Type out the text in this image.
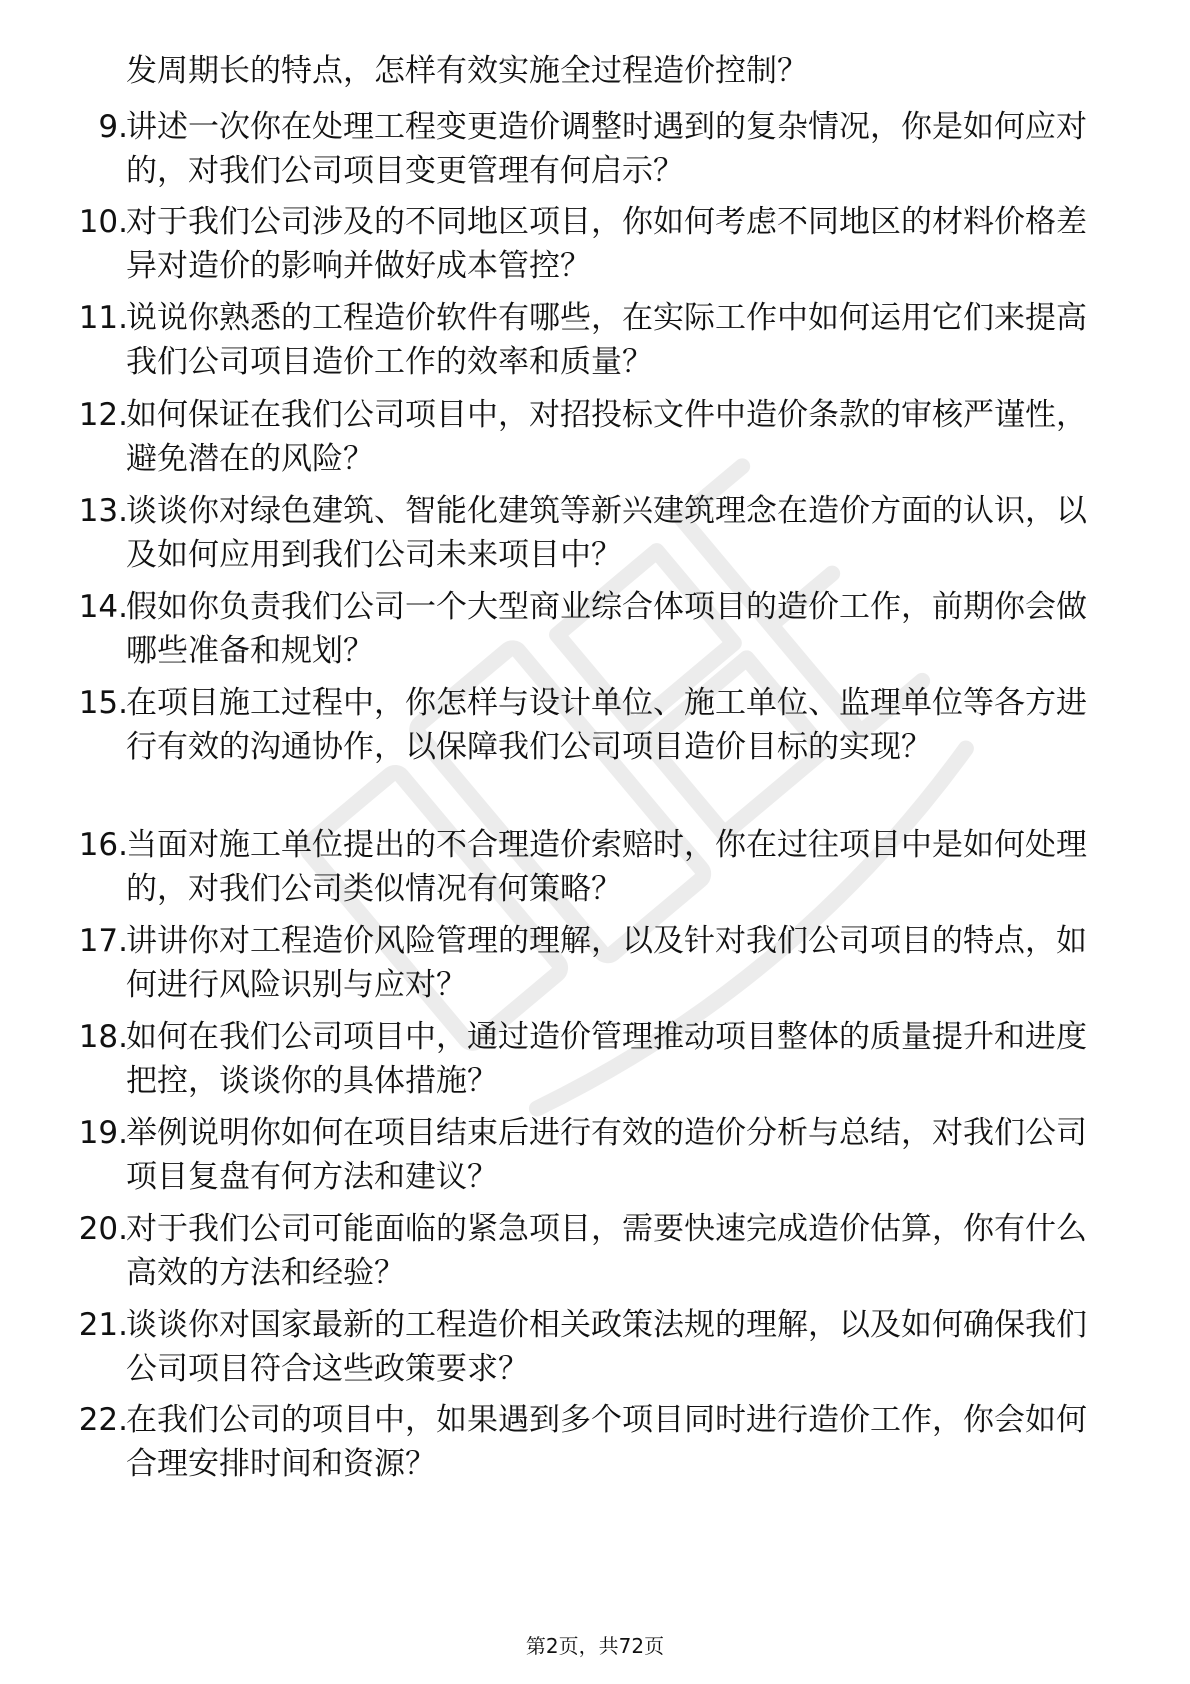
发周期长的特点，怎样有效实施全过程造价控制？
9.
讲述一次你在处理工程变更造价调整时遇到的复杂情况，你是如何应对的，对我们公司项目变更管理有何启示？
10.
对于我们公司涉及的不同地区项目，你如何考虑不同地区的材料价格差异对造价的影响并做好成本管控？
11.
说说你熟悉的工程造价软件有哪些，在实际工作中如何运用它们来提高我们公司项目造价工作的效率和质量？
12.
如何保证在我们公司项目中，对招投标文件中造价条款的审核严谨性，避免潜在的风险？
13.
谈谈你对绿色建筑、智能化建筑等新兴建筑理念在造价方面的认识，以及如何应用到我们公司未来项目中？
14.
假如你负责我们公司一个大型商业综合体项目的造价工作，前期你会做哪些准备和规划？
15.
在项目施工过程中，你怎样与设计单位、施工单位、监理单位等各方进行有效的沟通协作，以保障我们公司项目造价目标的实现？
16.
当面对施工单位提出的不合理造价索赔时，你在过往项目中是如何处理的，对我们公司类似情况有何策略？
17.
讲讲你对工程造价风险管理的理解，以及针对我们公司项目的特点，如何进行风险识别与应对？
18.
如何在我们公司项目中，通过造价管理推动项目整体的质量提升和进度把控，谈谈你的具体措施？
19.
举例说明你如何在项目结束后进行有效的造价分析与总结，对我们公司项目复盘有何方法和建议？
20.
对于我们公司可能面临的紧急项目，需要快速完成造价估算，你有什么高效的方法和经验？
21.
谈谈你对国家最新的工程造价相关政策法规的理解，以及如何确保我们公司项目符合这些政策要求？
22.
在我们公司的项目中，如果遇到多个项目同时进行造价工作，你会如何合理安排时间和资源？
第2页，共72页
